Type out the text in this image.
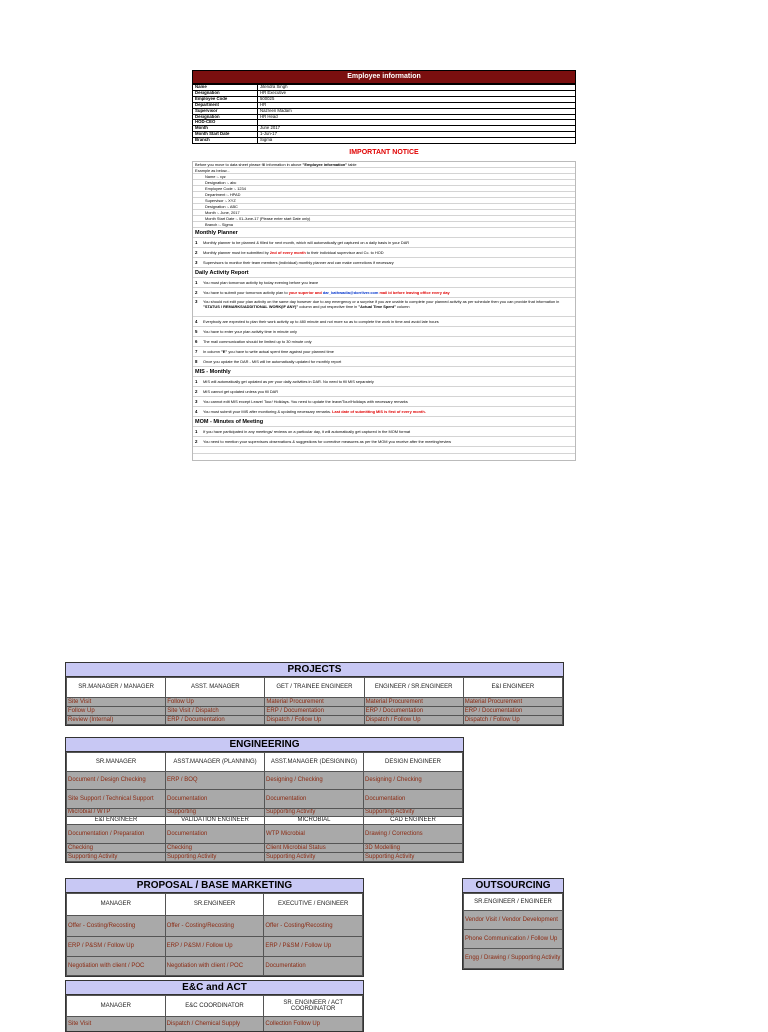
Employee information
Name	Jitendra Singh
Designation	HR Executive
Employee Code	500025
Department	HR
Supervisor	Nazreen Madam
Designation	HR Head
HOD-CEO	
Month	June 2017
Month Start Date	1-Jun-17
Branch	Sigma
IMPORTANT NOTICE
Before you move to data sheet please fill information in above "Employee information" table
Example as below...
Name :- xyz
Designation :- abc
Employee Code :- 1234
Department :- HPAD
Supervisor :- XYZ
Designation :- ABC
Month :- June, 2017
Month Start Date :- 01-June-17 (Please enter start Date only)
Branch :- Sigma
Monthly Planner
1 Monthly planner to be planned & filled for next month, which will automatically get captured on a daily basis in your DAR
2 Monthly planner must be submitted by 2nd of every month to their individual supervisor and Cc. to HOD
3 Supervisors to monitor their team members (individual) monthly planner and can make corrections if necessary
Daily Activity Report
1 You must plan tomorrow activity by today evening before you leave
2 You have to submit your tomorrow activity plan to your superior and dar_kathwadia@dorrliver.com mail id before leaving office every day
3 You should not edit your plan activity on the same day however due to any emergency or a surprise if you are unable to complete your planned activity as per schedule then you can provide that information in "STATUS / REMARKS/ADDITIONAL WORK(IF ANY)" column and put respective time in "Actual Time Spent" column
4 Everybody are expected to plan their work activity up to 480 minute and not more so as to complete the work in time and avoid late hours
5 You have to enter your plan activity time in minute only
6 The mail communication should be limited up to 30 minute only
7 In column "E" you have to write actual spent time against your planned time
8 Once you update the DAR - MIS will be automatically updated for monthly report
MIS - Monthly
1 MIS will automatically get updated as per your daily activities in DAR. No need to fill MIS separately
2 MIS cannot get updated unless you fill DAR
3 You cannot edit MIS except Leave/ Tour/ Holidays. You need to update the leave/Tour/Holidays with necessary remarks
4 You must submit your MIS after monitoring & updating necessary remarks. Last date of submitting MIS is first of every month.
MOM - Minutes of Meeting
1 If you have participated in any meetings/ reviews on a particular day, it will automatically get captured in the MOM format
2 You need to mention your supervisors observations & suggestions for corrective measures as per the MOM you receive after the meeting/review
PROJECTS
SR.MANAGER / MANAGER	ASST. MANAGER	GET / TRAINEE ENGINEER	ENGINEER / SR.ENGINEER	E&I ENGINEER
Site Visit	Follow Up	Material Procurement	Material Procurement	Material Procurement
Follow Up	Site Visit / Dispatch	ERP / Documentation	ERP / Documentation	ERP / Documentation
Review (Internal)	ERP / Documentation	Dispatch / Follow Up	Dispatch / Follow Up	Dispatch / Follow Up
ENGINEERING
SR.MANAGER	ASST.MANAGER (PLANNING)	ASST.MANAGER (DESIGNING)	DESIGN ENGINEER
Document / Design Checking	ERP / BOQ	Designing / Checking	Designing / Checking
Site Support / Technical Support	Documentation	Documentation	Documentation
Microbial / WTP	Supporting	Supporting Activity	Supporting Activity
E&I ENGINEER	VALIDATION ENGINEER	MICROBIAL	CAD ENGINEER
Documentation / Preparation	Documentation	WTP Microbial	Drawing / Corrections
Checking	Checking	Client Microbial Status	3D Modelling
Supporting Activity	Supporting Activity	Supporting Activity	Supporting Activity
PROPOSAL / BASE MARKETING
MANAGER	SR.ENGINEER	EXECUTIVE / ENGINEER
Offer - Costing/Recosting	Offer - Costing/Recosting	Offer - Costing/Recosting
ERP / P&SM / Follow Up	ERP / P&SM / Follow Up	ERP / P&SM / Follow Up
Negotiation with client / POC	Negotiation with client / POC	Documentation
OUTSOURCING
SR.ENGINEER / ENGINEER
Vendor Visit / Vendor Development
Phone Communication / Follow Up
Engg / Drawing / Supporting Activity
E&C and ACT
MANAGER	E&C COORDINATOR	SR. ENGINEER / ACT COORDINATOR
Site Visit	Dispatch / Chemical Supply	Collection Follow Up
